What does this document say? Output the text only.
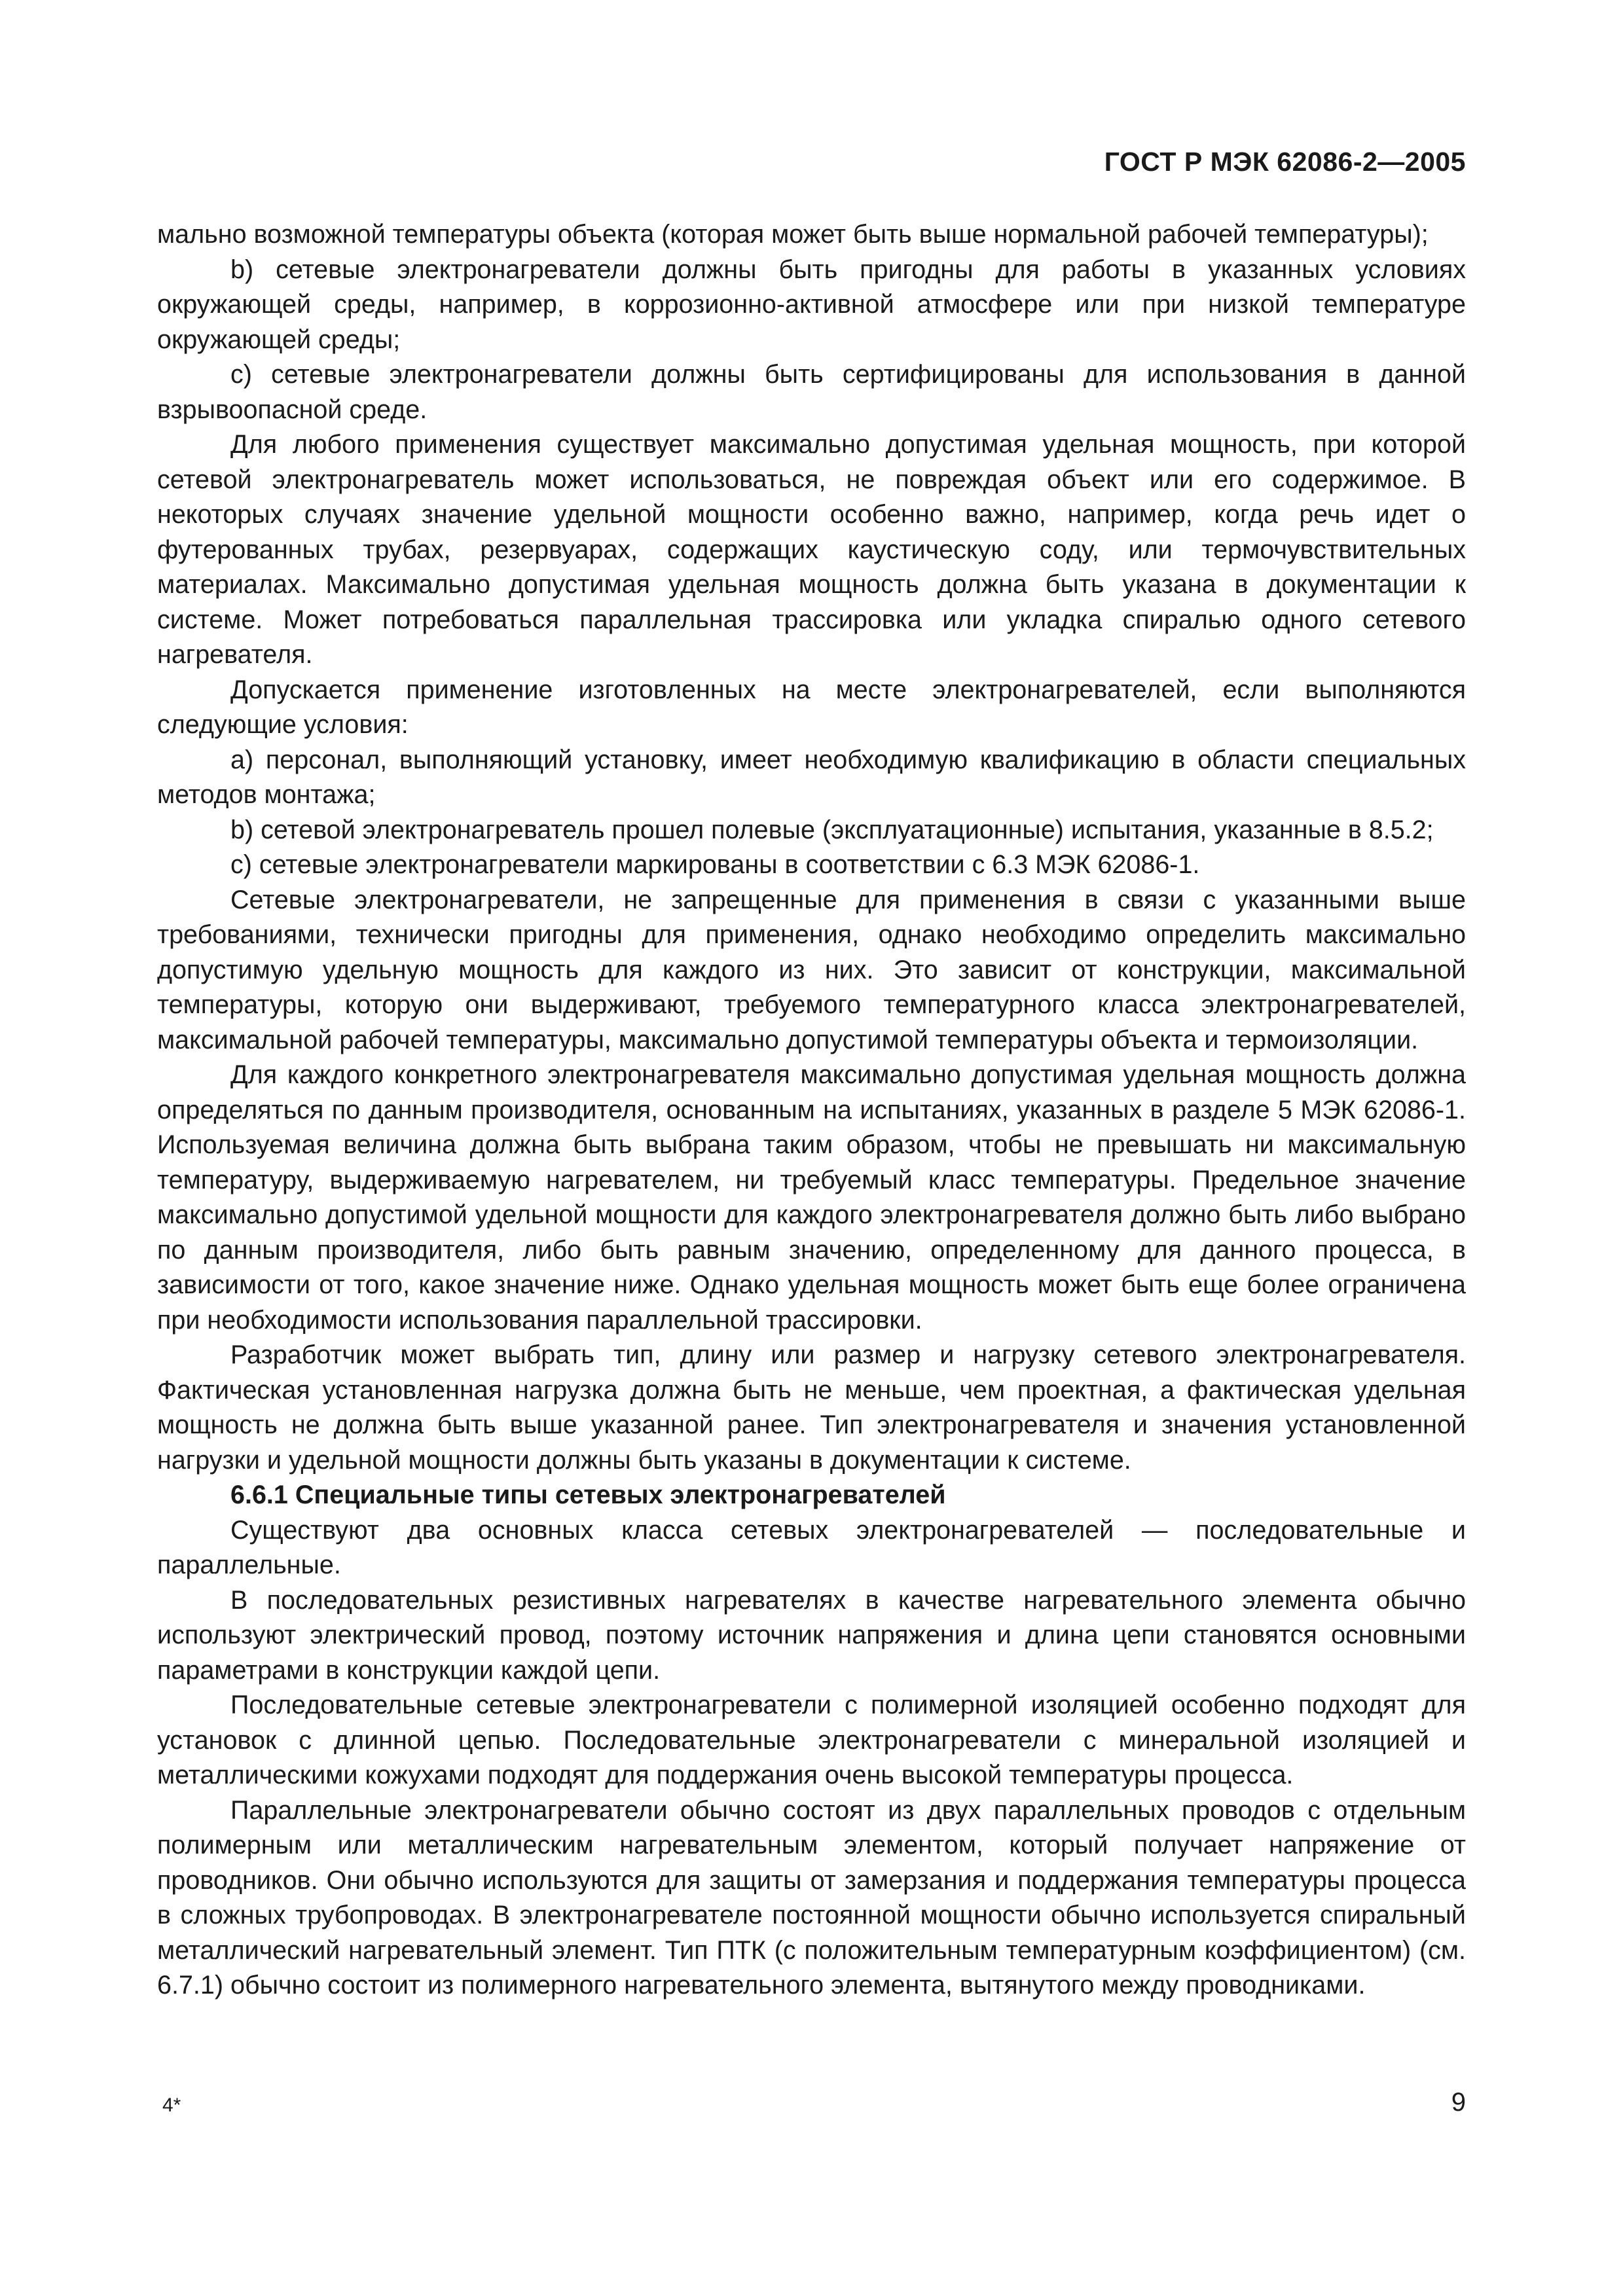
ГОСТ Р МЭК 62086-2—2005

мально возможной температуры объекта (которая может быть выше нормальной рабочей температуры);

b) сетевые электронагреватели должны быть пригодны для работы в указанных условиях окружающей среды, например, в коррозионно-активной атмосфере или при низкой температуре окружающей среды;

с) сетевые электронагреватели должны быть сертифицированы для использования в данной взрывоопасной среде.

Для любого применения существует максимально допустимая удельная мощность, при которой сетевой электронагреватель может использоваться, не повреждая объект или его содержимое. В некоторых случаях значение удельной мощности особенно важно, например, когда речь идет о футерованных трубах, резервуарах, содержащих каустическую соду, или термочувствительных материалах. Максимально допустимая удельная мощность должна быть указана в документации к системе. Может потребоваться параллельная трассировка или укладка спиралью одного сетевого нагревателя.

Допускается применение изготовленных на месте электронагревателей, если выполняются следующие условия:

а) персонал, выполняющий установку, имеет необходимую квалификацию в области специальных методов монтажа;

b) сетевой электронагреватель прошел полевые (эксплуатационные) испытания, указанные в 8.5.2;

с) сетевые электронагреватели маркированы в соответствии с 6.3 МЭК 62086-1.

Сетевые электронагреватели, не запрещенные для применения в связи с указанными выше требованиями, технически пригодны для применения, однако необходимо определить максимально допустимую удельную мощность для каждого из них. Это зависит от конструкции, максимальной температуры, которую они выдерживают, требуемого температурного класса электронагревателей, максимальной рабочей температуры, максимально допустимой температуры объекта и термоизоляции.

Для каждого конкретного электронагревателя максимально допустимая удельная мощность должна определяться по данным производителя, основанным на испытаниях, указанных в разделе 5 МЭК 62086-1. Используемая величина должна быть выбрана таким образом, чтобы не превышать ни максимальную температуру, выдерживаемую нагревателем, ни требуемый класс температуры. Предельное значение максимально допустимой удельной мощности для каждого электронагревателя должно быть либо выбрано по данным производителя, либо быть равным значению, определенному для данного процесса, в зависимости от того, какое значение ниже. Однако удельная мощность может быть еще более ограничена при необходимости использования параллельной трассировки.

Разработчик может выбрать тип, длину или размер и нагрузку сетевого электронагревателя. Фактическая установленная нагрузка должна быть не меньше, чем проектная, а фактическая удельная мощность не должна быть выше указанной ранее. Тип электронагревателя и значения установленной нагрузки и удельной мощности должны быть указаны в документации к системе.

6.6.1 Специальные типы сетевых электронагревателей

Существуют два основных класса сетевых электронагревателей — последовательные и параллельные.

В последовательных резистивных нагревателях в качестве нагревательного элемента обычно используют электрический провод, поэтому источник напряжения и длина цепи становятся основными параметрами в конструкции каждой цепи.

Последовательные сетевые электронагреватели с полимерной изоляцией особенно подходят для установок с длинной цепью. Последовательные электронагреватели с минеральной изоляцией и металлическими кожухами подходят для поддержания очень высокой температуры процесса.

Параллельные электронагреватели обычно состоят из двух параллельных проводов с отдельным полимерным или металлическим нагревательным элементом, который получает напряжение от проводников. Они обычно используются для защиты от замерзания и поддержания температуры процесса в сложных трубопроводах. В электронагревателе постоянной мощности обычно используется спиральный металлический нагревательный элемент. Тип ПТК (с положительным температурным коэффициентом) (см. 6.7.1) обычно состоит из полимерного нагревательного элемента, вытянутого между проводниками.

4*	9
